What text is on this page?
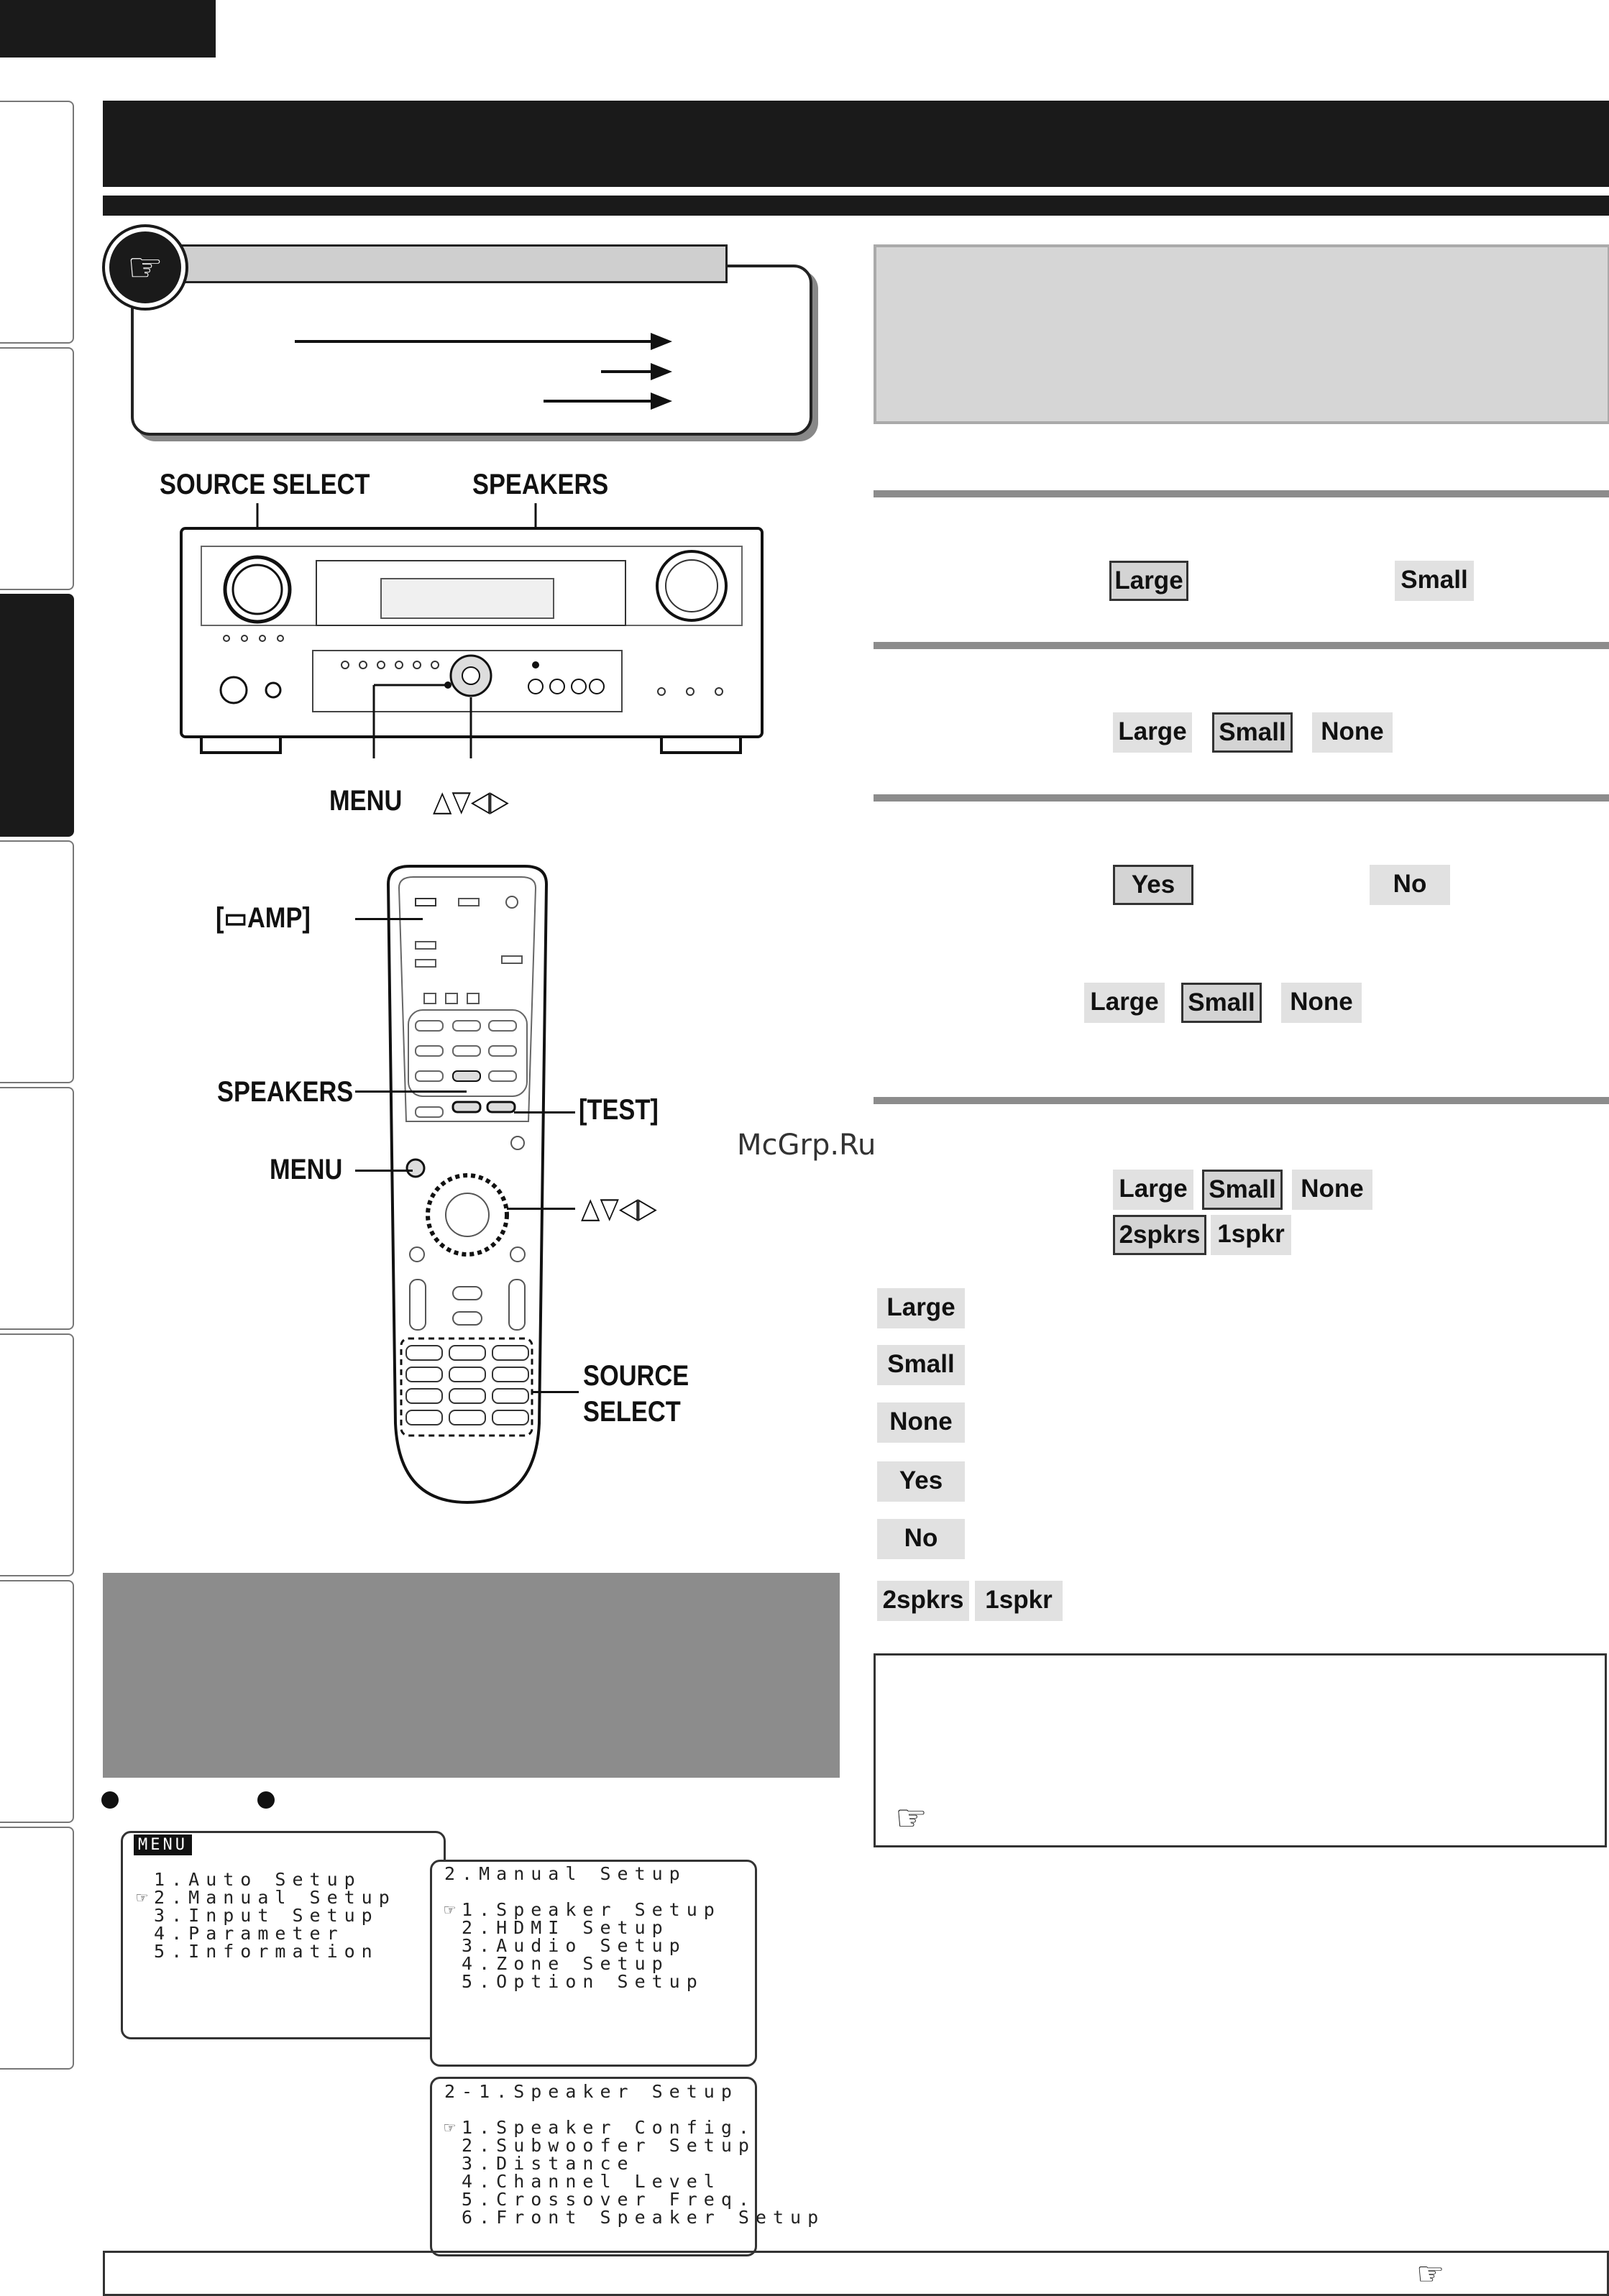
☞
SOURCE SELECT	SPEAKERS
MENU △▽◁▷
[▭AMP]
SPEAKERS
[TEST]
MENU
△▽◁▷
SOURCE
SELECT
McGrp.Ru
Large	Small
Large Small	None
Yes	No
Large Small	None
Large Small None
2spkrs 1spkr
Large
Small
None
Yes
No
2spkrs 1spkr
☞
MENU
1.Auto Setup
☞2.Manual Setup
3.Input Setup
4.Parameter
5.Information
2.Manual Setup

☞1.Speaker Setup
2.HDMI Setup
3.Audio Setup
4.Zone Setup
5.Option Setup
2-1.Speaker Setup

☞1.Speaker Config.
2.Subwoofer Setup
3.Distance
4.Channel Level
5.Crossover Freq.
6.Front Speaker Setup
☞
